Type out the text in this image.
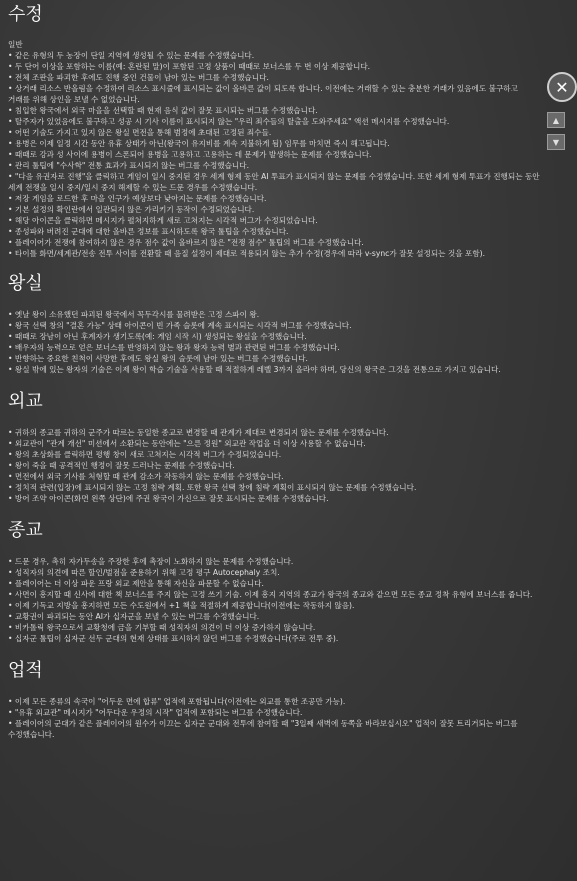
수정
일반
• 같은 유형의 두 농장이 단일 지역에 생성될 수 있는 문제를 수정했습니다.
• 두 단어 이상을 포함하는 이름(예: 혼란된 말)이 포함된 고정 상품이 때때로 보너스를 두 번 이상 제공합니다.
• 전체 조판을 파괴한 후에도 진행 중인 건물이 남아 있는 버그를 수정했습니다.
• 상거래 리소스 반올림을 수정하여 리소스 표시줄에 표시되는 값이 올바른 값이 되도록 합니다. 이전에는 거래할 수 있는 충분한 거래가 있음에도 불구하고 거래를 위해 상인을 보낼 수 없었습니다.
• 침입한 왕국에서 외국 마을을 선택할 때 현재 음식 값이 잘못 표시되는 버그를 수정했습니다.
• 탈주자가 있었음에도 불구하고 성공 시 기사 이름이 표시되지 않는 "우리 죄수들의 탈출을 도와주세요" 액션 메시지를 수정했습니다.
• 어떤 기술도 가지고 있지 않은 왕실 면전을 통해 범정에 초대된 고정된 죄수들.
• 용병은 이제 일정 시간 동안 유휴 상태가 아닌(왕국이 유지비를 계속 지불하게 됨) 임무를 마치면 즉시 해고됩니다.
• 때때로 강과 성 사이에 용병이 스폰되어 용병을 고용하고 고용하는 데 문제가 발생하는 문제를 수정했습니다.
• 관리 툴팁에 "수사학" 전통 효과가 표시되지 않는 버그를 수정했습니다.
• "다음 유권자로 진행"을 클릭하고 게임이 일시 중지된 경우 세계 형제 동안 AI 투표가 표시되지 않는 문제를 수정했습니다. 또한 세계 형제 투표가 진행되는 동안 세계 전쟁을 일시 중지/일시 중지 해제할 수 있는 드문 경우를 수정했습니다.
• 저장 게임을 로드한 후 마을 인구가 예상보다 낮아지는 문제를 수정했습니다.
• 기본 설정의 확인란에서 일관되지 않은 가리키기 동작이 수정되었습니다.
• 해당 아이콘을 클릭하면 메시지가 펼쳐지하게 새로 고쳐지는 시각적 버그가 수정되었습니다.
• 종성파와 버려진 군대에 대한 올바른 정보를 표시하도록 왕국 툴팁을 수정했습니다.
• 플레이어가 전쟁에 참여하지 않은 경우 점수 값이 올바르지 않은 "전쟁 점수" 툴팁의 버그를 수정했습니다.
• 타이틀 화면/세계관/전송 전투 사이를 전환할 때 음질 설정이 제대로 적용되지 않는 추가 수정(경우에 따라 v-sync가 잘못 설정되는 것을 포함).
왕실
• 옛날 왕이 소유했던 파괴된 왕국에서 꼭두각시를 물려받은 고정 스파이 왕.
• 왕국 선택 창의 "결혼 가능" 상태 아이콘이 빈 가족 슬롯에 계속 표시되는 시각적 버그를 수정했습니다.
• 때때로 장남이 아닌 후계자가 생기도록(예: 게임 시작 시) 생성되는 왕실을 수정했습니다.
• 배우자의 능력으로 얻은 보너스를 반영하지 않는 왕과 왕자 능력 별과 관련된 버그를 수정했습니다.
• 반향하는 중요한 친척이 사망한 후에도 왕실 왕의 슬롯에 남아 있는 버그를 수정했습니다.
• 왕실 밖에 있는 왕자의 기술은 이제 왕이 학습 기술을 사용할 때 적절하게 레벨 3까지 올라야 하며, 당신의 왕국은 그것을 전통으로 가지고 있습니다.
외교
• 귀하의 종교를 귀하의 군주가 따르는 동일한 종교로 변경할 때 관계가 제대로 변경되지 않는 문제를 수정했습니다.
• 외교관이 "관계 개선" 미션에서 소환되는 동안에는 "으른 정원" 외교관 작업을 더 이상 사용할 수 없습니다.
• 왕의 초상화를 클릭하면 평행 창이 새로 고쳐지는 시각적 버그가 수정되었습니다.
• 왕이 죽을 때 공격적인 행정이 잘못 드러나는 문제를 수정했습니다.
• 면전에서 외국 기사를 처형할 때 관계 감소가 작동하지 않는 문제를 수정했습니다.
• 정치적 관련(입장)에 표시되지 않는 고정 침략 계획. 또한 왕국 선택 창에 침략 계획이 표시되지 않는 문제를 수정했습니다.
• 방어 조약 아이콘(화면 왼쪽 상단)에 주권 왕국이 가신으로 잘못 표시되는 문제를 수정했습니다.
종교
• 드문 경우, 촉히 자가두송을 주장한 후에 촉장이 노화하지 않는 문제를 수정했습니다.
• 성직자의 의견에 따른 할인/벌점을 준용하기 위해 고정 평구 Autocephaly 조치.
• 플레이어는 더 이상 파운 프랑 외교 제안을 통해 자신을 파문할 수 없습니다.
• 사면이 흥지할 때 신사에 대한 책 보너스를 주지 않는 고정 쓰기 기술. 이제 흥지 지역의 종교가 왕국의 종교와 같으면 모든 종교 정착 유형에 보너스를 줍니다.
• 이제 기독교 지방을 흥지하면 모든 수도원에서 +1 책을 적절하게 제공합니다(이전에는 작동하지 않음).
• 교황권이 파괴되는 동안 AI가 십자군을 보낼 수 있는 버그를 수정했습니다.
• 비카톨릭 왕국으로서 교황청에 금을 기부할 때 성직자의 의견이 더 이상 증가하지 않습니다.
• 십자군 툴팁이 십자군 선두 군대의 현재 상태를 표시하지 않던 버그를 수정했습니다(주로 전투 중).
업적
• 이제 모든 종류의 속국이 "어두운 면에 합류" 업적에 포함됩니다(이전에는 외교를 통한 조공만 가능).
• "유휴 외교관" 메시지가 "어두다운 우정의 시작" 업적에 포함되는 버그를 수정했습니다.
• 플레이어의 군대가 같은 플레이어의 원수가 이끄는 십자군 군대와 전투에 참여할 때 "3일째 새벽에 동쪽을 바라보십시오" 업적이 잘못 트리거되는 버그를 수정했습니다.
✕
▲
▼
